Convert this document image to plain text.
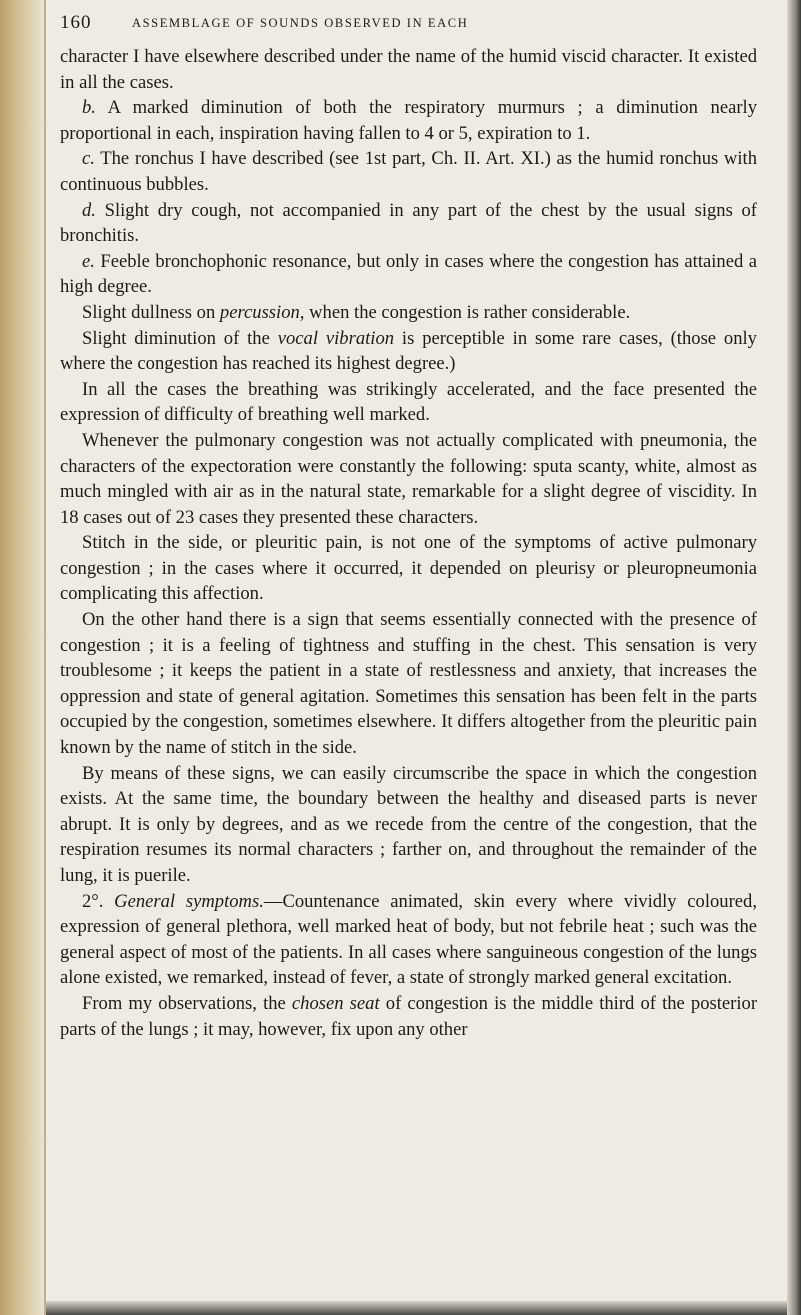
160	ASSEMBLAGE OF SOUNDS OBSERVED IN EACH

character I have elsewhere described under the name of the humid viscid character. It existed in all the cases.

b. A marked diminution of both the respiratory murmurs ; a diminution nearly proportional in each, inspiration having fallen to 4 or 5, expiration to 1.

c. The ronchus I have described (see 1st part, Ch. II. Art. XI.) as the humid ronchus with continuous bubbles.

d. Slight dry cough, not accompanied in any part of the chest by the usual signs of bronchitis.

e. Feeble bronchophonic resonance, but only in cases where the congestion has attained a high degree.

Slight dullness on percussion, when the congestion is rather considerable.

Slight diminution of the vocal vibration is perceptible in some rare cases, (those only where the congestion has reached its highest degree.)

In all the cases the breathing was strikingly accelerated, and the face presented the expression of difficulty of breathing well marked.

Whenever the pulmonary congestion was not actually complicated with pneumonia, the characters of the expectoration were constantly the following: sputa scanty, white, almost as much mingled with air as in the natural state, remarkable for a slight degree of viscidity. In 18 cases out of 23 cases they presented these characters.

Stitch in the side, or pleuritic pain, is not one of the symptoms of active pulmonary congestion ; in the cases where it occurred, it depended on pleurisy or pleuropneumonia complicating this affection.

On the other hand there is a sign that seems essentially connected with the presence of congestion ; it is a feeling of tightness and stuffing in the chest. This sensation is very troublesome ; it keeps the patient in a state of restlessness and anxiety, that increases the oppression and state of general agitation. Sometimes this sensation has been felt in the parts occupied by the congestion, sometimes elsewhere. It differs altogether from the pleuritic pain known by the name of stitch in the side.

By means of these signs, we can easily circumscribe the space in which the congestion exists. At the same time, the boundary between the healthy and diseased parts is never abrupt. It is only by degrees, and as we recede from the centre of the congestion, that the respiration resumes its normal characters ; farther on, and throughout the remainder of the lung, it is puerile.

2°. General symptoms.—Countenance animated, skin every where vividly coloured, expression of general plethora, well marked heat of body, but not febrile heat ; such was the general aspect of most of the patients. In all cases where sanguineous congestion of the lungs alone existed, we remarked, instead of fever, a state of strongly marked general excitation.

From my observations, the chosen seat of congestion is the middle third of the posterior parts of the lungs ; it may, however, fix upon any other
